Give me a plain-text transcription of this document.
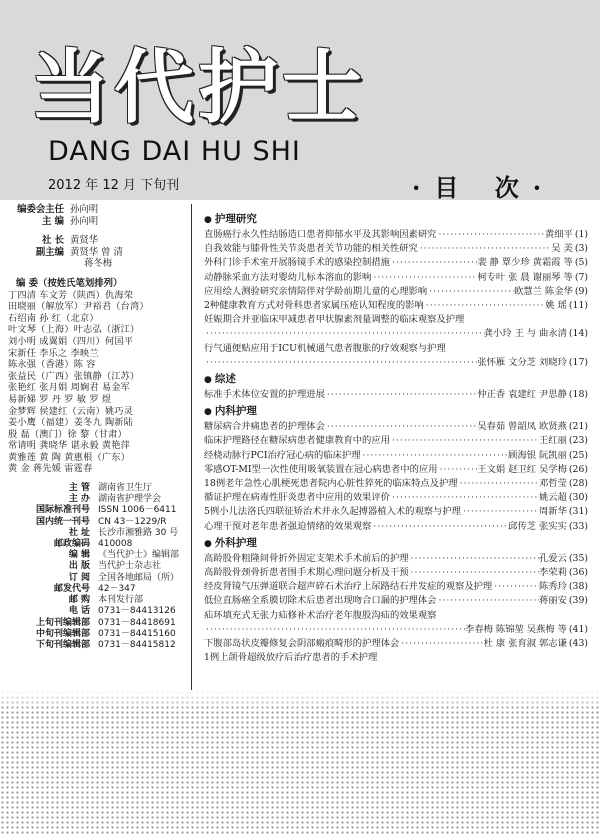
当代护士
DANG DAI HU SHI
2012 年 12 月 下旬刊	·目 次·
编委会主任 孙向明
主 编 孙向明
社 长 黄贤华
副主编 黄贤华 曾 清
蒋冬梅
编 委（按姓氏笔划排列）
丁四清 车文芳（陕西）仇海荣
田晓丽（解放军）尹裕君（台湾）
石绍南 孙 红（北京）
叶文琴（上海）叶志弘（浙江）
刘小明 成翼娟（四川）何国平
宋新任 李乐之 李映兰
陈永强（香港）陈 容
张益民（广西）张镇静（江苏）
张艳红 张月娟 周娴君 易金军
易新娣 罗 丹 罗 敏 罗 煜
金梦辉 侯建红（云南）姚巧灵
姜小鹰（福建）姜冬九 陶新陆
殷 磊（澳门）徐 黎（甘肃）
常请明 龚晓华 谌永毅 黄艳萍
黄雅莲 黄 陶 黄惠根（广东）
黄 金 蒋先媛 雷霆春
主 管 湖南省卫生厅
主 办 湖南省护理学会
国际标准刊号 ISSN 1006－6411
国内统一刊号 CN 43－1229/R
社 址 长沙市湘雅路 30 号
邮政编码 410008
编 辑 《当代护士》编辑部
出 版 当代护士杂志社
订 阅 全国各地邮局（所）
邮发代号 42－347
邮 购 本刊发行部
电 话 0731－84413126
上旬刊编辑部 0731－84418691
中旬刊编辑部 0731－84415160
下旬刊编辑部 0731－84415812
● 护理研究
直肠癌行永久性结肠造口患者抑郁水平及其影响因素研究 ·····	黄细平 (1)
自我效能与膝骨性关节炎患者关节功能的相关性研究 ·····	吴 美 (3)
外科门诊手术室开展肠镜手术的感染控制措施 ·····	裴 静 覃少珍 黄霜霞 等 (5)
动静脉采血方法对婴幼儿标本溶血的影响 ·····	柯专叶 张 晨 谢丽琴 等 (7)
应用绘人测验研究亲情陪伴对学龄前期儿童的心理影响 ·····	欧慧兰 陈金华 (9)
2种健康教育方式对骨科患者家属压疮认知程度的影响 ·····	姚 瑶 (11)
妊娠期合并亚临床甲减患者甲状腺素剂量调整的临床观察及护理
·····
龚小玲 王 与 曲永清 (14)
行气通便贴应用于ICU机械通气患者腹胀的疗效观察与护理
·····
张怀雁 文分芝 刘晓玲 (17)
● 综述
标准手术体位安置的护理进展 ·····	仲正香 袁建红 尹思静 (18)
● 内科护理
糖尿病合并痛患者的护理体会 ·····	吴春茹 曾韶凤 欧贤燕 (21)
临床护理路径在糖尿病患者健康教育中的应用 ·····	王红丽 (23)
经桡动脉行PCI治疗冠心病的临床护理 ·····	顾海银 阮凯丽 (25)
零感OT-MI型一次性使用吸氧装置在冠心病患者中的应用 ·····	王文娟 赵卫红 吴学梅 (26)
18例老年急性心肌梗死患者院内心脏性猝死的临床特点及护理 ·····	邓哲莹 (28)
循证护理在病毒性肝炎患者中应用的效果评价 ·····	姚云超 (30)
5例小儿法洛氏四联征矫治术并永久起搏器植入术的观察与护理 ·····	周新华 (31)
心理干预对老年患者强迫情绪的效果观察 ·····	邱传芝 张实实 (33)
● 外科护理
高龄股骨粗隆间骨折外固定支架术手术前后的护理 ·····	孔爱云 (35)
高龄股骨颈骨折患者围手术期心理问题分析及干预 ·····	李荣莉 (36)
经皮肾镜气压弹道联合超声碎石术治疗上尿路结石并发症的观察及护理 ·····	陈秀玲 (38)
低位直肠癌全系膜切除术后患者出现吻合口漏的护理体会 ·····	蒋丽安 (39)
疝环填充式无张力疝修补术治疗老年腹股沟疝的效果观察
·····
李春梅 陈锦堃 吴燕梅 等 (41)
下腹部岛状皮瓣修复会阴部瘢痕畸形的护理体会 ·····	杜 康 张育淑 郭志谦 (43)
1例上颌骨超级放疗后治疗患者的手术护理
